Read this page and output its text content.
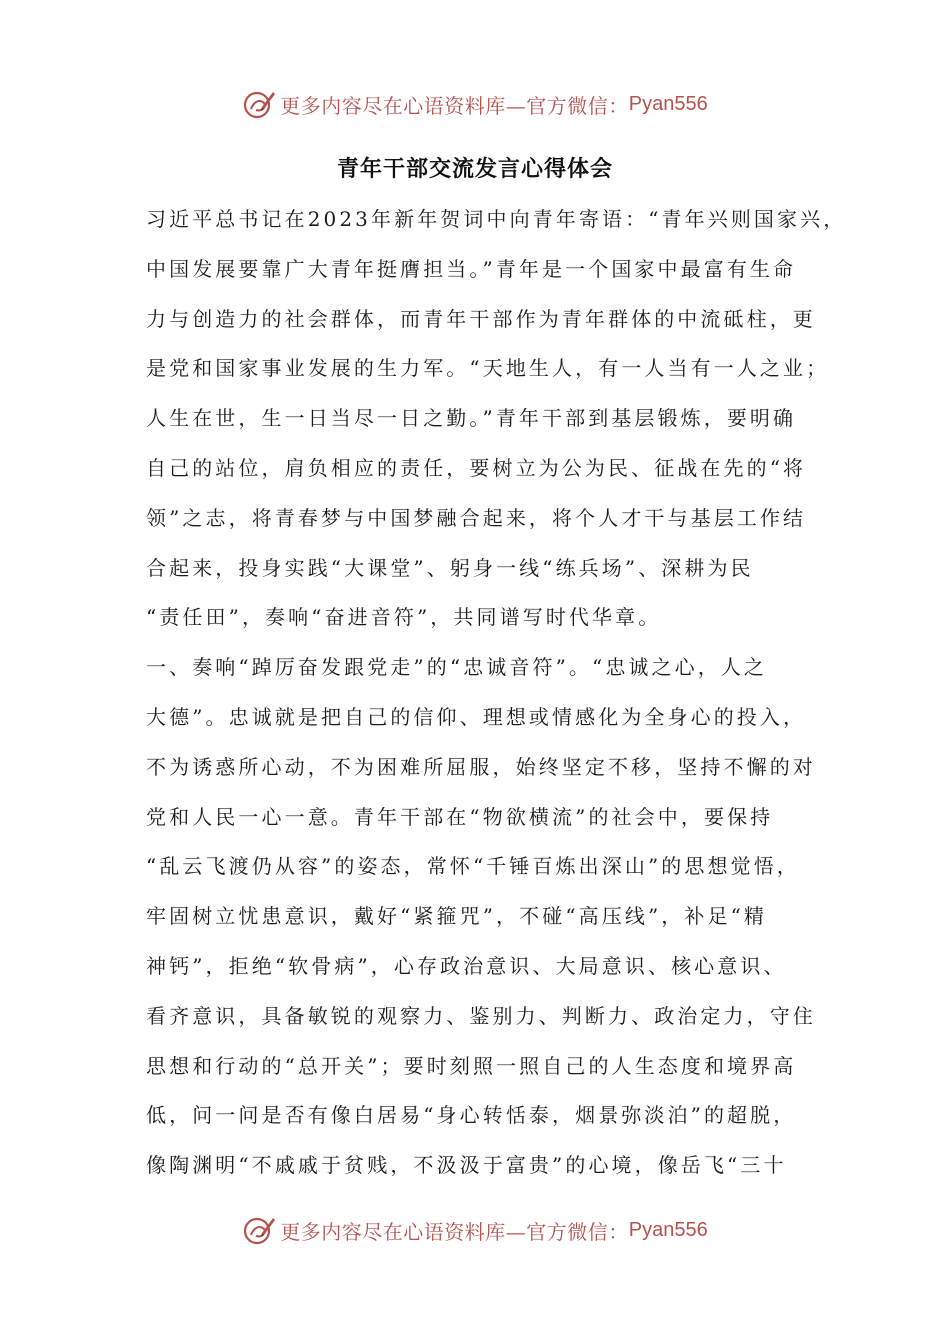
更多内容尽在心语资料库—官方微信： Pyan556
青年干部交流发言心得体会
习近平总书记在2023年新年贺词中向青年寄语：“青年兴则国家兴，
中国发展要靠广大青年挺膺担当。”青年是一个国家中最富有生命
力与创造力的社会群体，而青年干部作为青年群体的中流砥柱，更
是党和国家事业发展的生力军。“天地生人，有一人当有一人之业；
人生在世，生一日当尽一日之勤。”青年干部到基层锻炼，要明确
自己的站位，肩负相应的责任，要树立为公为民、征战在先的“将
领”之志，将青春梦与中国梦融合起来，将个人才干与基层工作结
合起来，投身实践“大课堂”、躬身一线“练兵场”、深耕为民
“责任田”，奏响“奋进音符”，共同谱写时代华章。
一、奏响“踔厉奋发跟党走”的“忠诚音符”。“忠诚之心，人之
大德”。忠诚就是把自己的信仰、理想或情感化为全身心的投入，
不为诱惑所心动，不为困难所屈服，始终坚定不移，坚持不懈的对
党和人民一心一意。青年干部在“物欲横流”的社会中，要保持
“乱云飞渡仍从容”的姿态，常怀“千锤百炼出深山”的思想觉悟，
牢固树立忧患意识，戴好“紧箍咒”，不碰“高压线”，补足“精
神钙”，拒绝“软骨病”，心存政治意识、大局意识、核心意识、
看齐意识，具备敏锐的观察力、鉴别力、判断力、政治定力，守住
思想和行动的“总开关”；要时刻照一照自己的人生态度和境界高
低，问一问是否有像白居易“身心转恬泰，烟景弥淡泊”的超脱，
像陶渊明“不戚戚于贫贱，不汲汲于富贵”的心境，像岳飞“三十
更多内容尽在心语资料库—官方微信： Pyan556
